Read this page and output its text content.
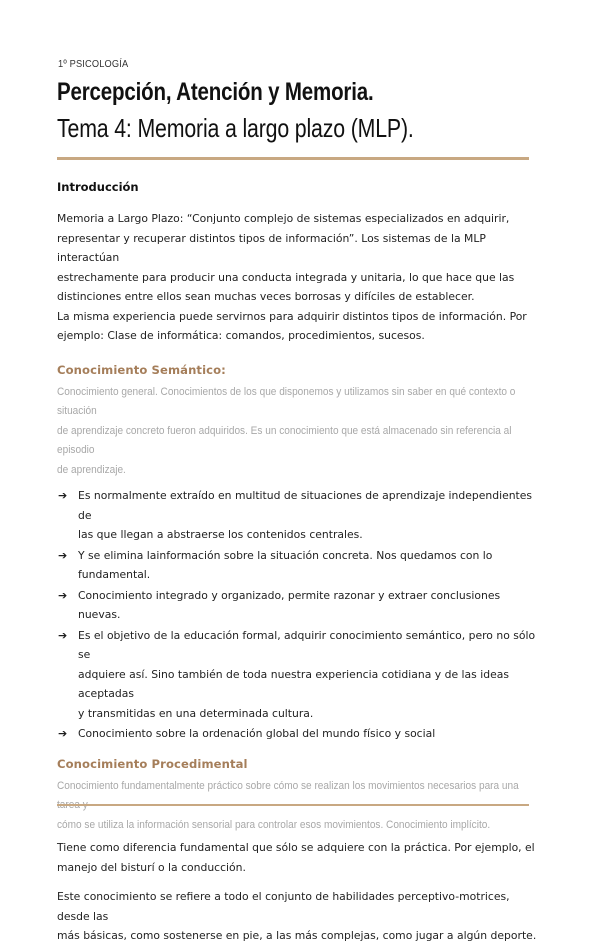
1º PSICOLOGÍA
Percepción, Atención y Memoria.
Tema 4: Memoria a largo plazo (MLP).
Introducción
Memoria a Largo Plazo: “Conjunto complejo de sistemas especializados en adquirir,
representar y recuperar distintos tipos de información”. Los sistemas de la MLP interactúan
estrechamente para producir una conducta integrada y unitaria, lo que hace que las
distinciones entre ellos sean muchas veces borrosas y difíciles de establecer.
La misma experiencia puede servirnos para adquirir distintos tipos de información. Por
ejemplo: Clase de informática: comandos, procedimientos, sucesos.
Conocimiento Semántico:
Conocimiento general. Conocimientos de los que disponemos y utilizamos sin saber en qué contexto o situación
de aprendizaje concreto fueron adquiridos. Es un conocimiento que está almacenado sin referencia al episodio
de aprendizaje.
➔ Es normalmente extraído en multitud de situaciones de aprendizaje independientes de
las que llegan a abstraerse los contenidos centrales.
➔ Y se elimina lainformación sobre la situación concreta. Nos quedamos con lo
fundamental.
➔ Conocimiento integrado y organizado, permite razonar y extraer conclusiones nuevas.
➔ Es el objetivo de la educación formal, adquirir conocimiento semántico, pero no sólo se
adquiere así. Sino también de toda nuestra experiencia cotidiana y de las ideas aceptadas
y transmitidas en una determinada cultura.
➔ Conocimiento sobre la ordenación global del mundo físico y social
Conocimiento Procedimental
Conocimiento fundamentalmente práctico sobre cómo se realizan los movimientos necesarios para una
cómo se utiliza la información sensorial para controlar esos movimientos. Conocimiento implícito.
Tiene como diferencia fundamental que sólo se adquiere con la práctica. Por ejemplo, el
manejo del bisturí o la conducción.
Este conocimiento se refiere a todo el conjunto de habilidades perceptivo-motrices, desde las
más básicas, como sostenerse en pie, a las más complejas, como jugar a algún deporte.
